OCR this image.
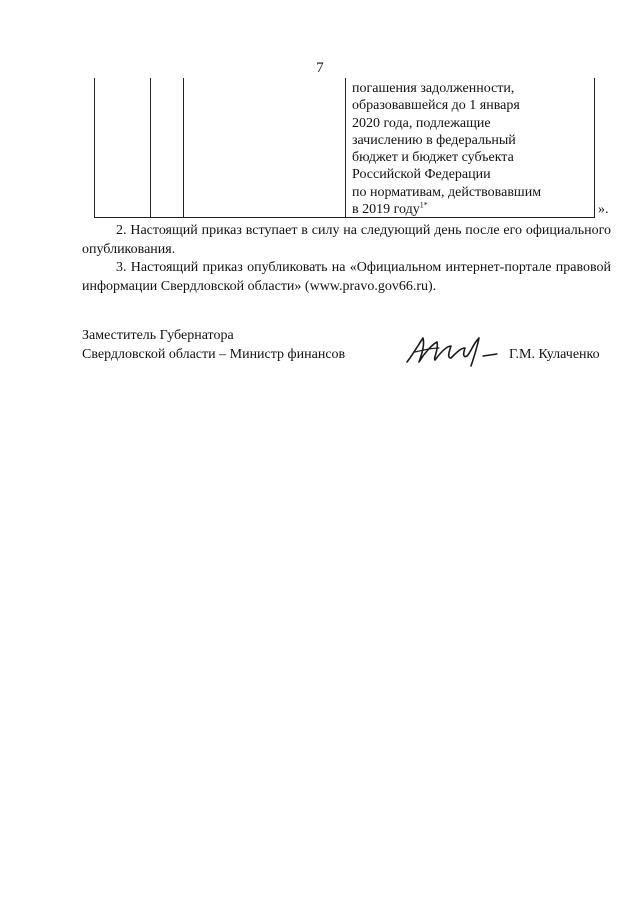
7
погашения задолженности,
образовавшейся до 1 января
2020 года, подлежащие
зачислению в федеральный
бюджет и бюджет субъекта
Российской Федерации
по нормативам, действовавшим
в 2019 году$^{1*}$	».

2. Настоящий приказ вступает в силу на следующий день после его официального опубликования.

3. Настоящий приказ опубликовать на «Официальном интернет-портале правовой информации Свердловской области» (www.pravo.gov66.ru).

Заместитель Губернатора
Свердловской области – Министр финансов	Г.М. Кулаченко
